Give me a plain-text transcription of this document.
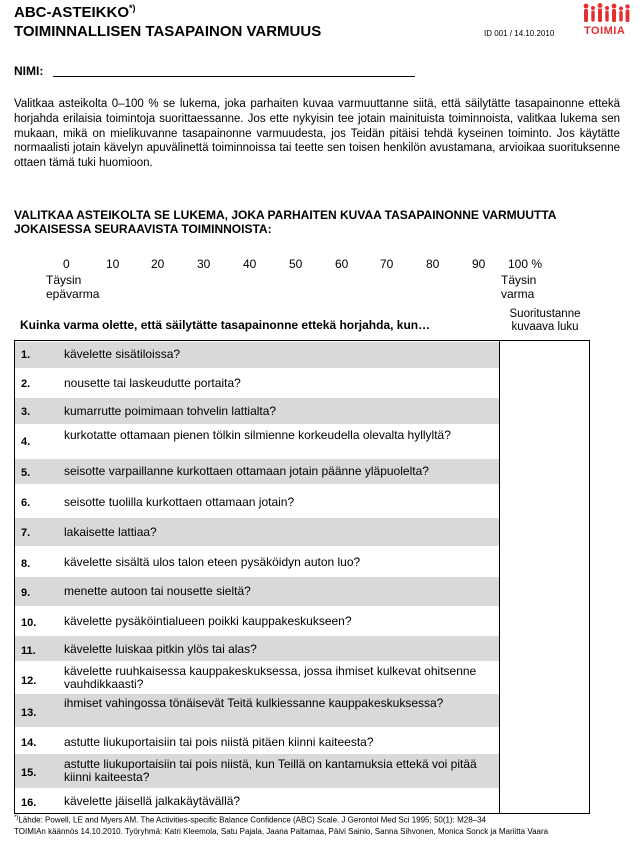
ABC-ASTEIKKO*)
TOIMINNALLISEN TASAPAINON VARMUUS	ID 001 / 14.10.2010	TOIMIA
NIMI:
Valitkaa asteikolta 0–100 % se lukema, joka parhaiten kuvaa varmuuttanne siitä, että säilytätte tasapainonne ettekä horjahda erilaisia toimintoja suorittaessanne. Jos ette nykyisin tee jotain mainituista toiminnoista, valitkaa lukema sen mukaan, mikä on mielikuvanne tasapainonne varmuudesta, jos Teidän pitäisi tehdä kyseinen toiminto. Jos käytätte normaalisti jotain kävelyn apuvälinettä toiminnoissa tai teette sen toisen henkilön avustamana, arvioikaa suorituksenne ottaen tämä tuki huomioon.
VALITKAA ASTEIKOLTA SE LUKEMA, JOKA PARHAITEN KUVAA TASAPAINONNE VARMUUTTA JOKAISESSA SEURAAVISTA TOIMINNOISTA:
0	10	20	30	40	50	60	70	80	90 100 %
Täysin
epävarma
Täysin
varma
Kuinka varma olette, että säilytätte tasapainonne ettekä horjahda, kun…
Suoritustanne
kuvaava luku
1.	kävelette sisätiloissa?
2.	nousette tai laskeudutte portaita?
3.	kumarrutte poimimaan tohvelin lattialta?
4.	kurkotatte ottamaan pienen tölkin silmienne korkeudella olevalta hyllyltä?
5.	seisotte varpaillanne kurkottaen ottamaan jotain päänne yläpuolelta?
6.	seisotte tuolilla kurkottaen ottamaan jotain?
7.	lakaisette lattiaa?
8.	kävelette sisältä ulos talon eteen pysäköidyn auton luo?
9.	menette autoon tai nousette sieltä?
10. kävelette pysäköintialueen poikki kauppakeskukseen?
11. kävelette luiskaa pitkin ylös tai alas?
12.
kävelette ruuhkaisessa kauppakeskuksessa, jossa ihmiset kulkevat ohitsenne vauhdikkaasti?
13.
ihmiset vahingossa tönäisevät Teitä kulkiessanne kauppakeskuksessa?
14. astutte liukuportaisiin tai pois niistä pitäen kiinni kaiteesta?
15.
astutte liukuportaisiin tai pois niistä, kun Teillä on kantamuksia ettekä voi pitää kiinni kaiteesta?
16. kävelette jäisellä jalkakäytävällä?
*)Lähde: Powell, LE and Myers AM. The Activities-specific Balance Confidence (ABC) Scale. J Gerontol Med Sci 1995; 50(1): M28–34
TOIMIAn käännös 14.10.2010. Työryhmä: Katri Kleemola, Satu Pajala, Jaana Paltamaa, Päivi Sainio, Sanna Sihvonen, Monica Sonck ja Mariitta Vaara
